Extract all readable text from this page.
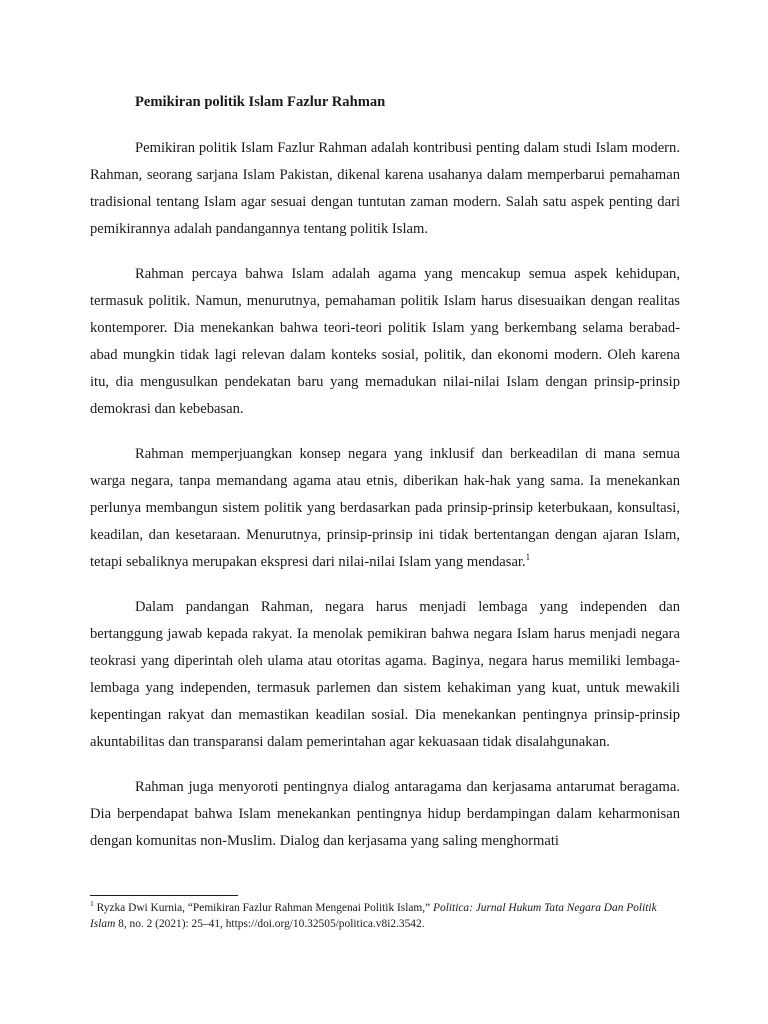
Pemikiran politik Islam Fazlur Rahman

Pemikiran politik Islam Fazlur Rahman adalah kontribusi penting dalam studi Islam modern. Rahman, seorang sarjana Islam Pakistan, dikenal karena usahanya dalam memperbarui pemahaman tradisional tentang Islam agar sesuai dengan tuntutan zaman modern. Salah satu aspek penting dari pemikirannya adalah pandangannya tentang politik Islam.

Rahman percaya bahwa Islam adalah agama yang mencakup semua aspek kehidupan, termasuk politik. Namun, menurutnya, pemahaman politik Islam harus disesuaikan dengan realitas kontemporer. Dia menekankan bahwa teori-teori politik Islam yang berkembang selama berabad-abad mungkin tidak lagi relevan dalam konteks sosial, politik, dan ekonomi modern. Oleh karena itu, dia mengusulkan pendekatan baru yang memadukan nilai-nilai Islam dengan prinsip-prinsip demokrasi dan kebebasan.

Rahman memperjuangkan konsep negara yang inklusif dan berkeadilan di mana semua warga negara, tanpa memandang agama atau etnis, diberikan hak-hak yang sama. Ia menekankan perlunya membangun sistem politik yang berdasarkan pada prinsip-prinsip keterbukaan, konsultasi, keadilan, dan kesetaraan. Menurutnya, prinsip-prinsip ini tidak bertentangan dengan ajaran Islam, tetapi sebaliknya merupakan ekspresi dari nilai-nilai Islam yang mendasar.$^1$

Dalam pandangan Rahman, negara harus menjadi lembaga yang independen dan bertanggung jawab kepada rakyat. Ia menolak pemikiran bahwa negara Islam harus menjadi negara teokrasi yang diperintah oleh ulama atau otoritas agama. Baginya, negara harus memiliki lembaga-lembaga yang independen, termasuk parlemen dan sistem kehakiman yang kuat, untuk mewakili kepentingan rakyat dan memastikan keadilan sosial. Dia menekankan pentingnya prinsip-prinsip akuntabilitas dan transparansi dalam pemerintahan agar kekuasaan tidak disalahgunakan.

Rahman juga menyoroti pentingnya dialog antaragama dan kerjasama antarumat beragama. Dia berpendapat bahwa Islam menekankan pentingnya hidup berdampingan dalam keharmonisan dengan komunitas non-Muslim. Dialog dan kerjasama yang saling menghormati

$^1$ Ryzka Dwi Kurnia, “Pemikiran Fazlur Rahman Mengenai Politik Islam,” Politica: Jurnal Hukum Tata Negara Dan Politik Islam 8, no. 2 (2021): 25–41, https://doi.org/10.32505/politica.v8i2.3542.
